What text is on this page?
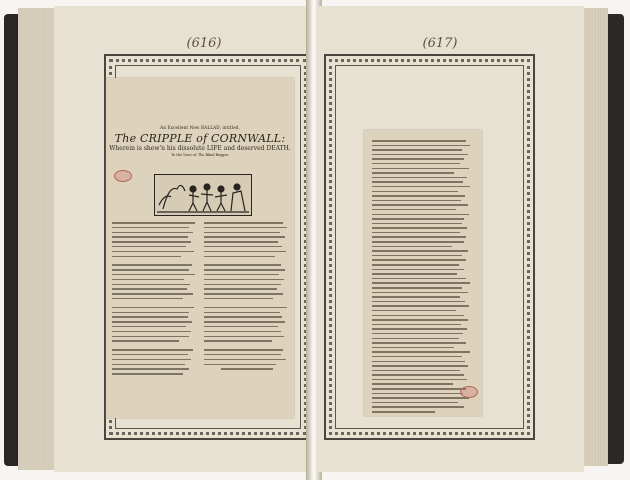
(616)
An Excellent New BALLAD, intitled,
The CRIPPLE of CORNWALL:
Wherein is shew'n his dissolute LIFE and deserved DEATH.
To the Tune of, The Blind Beggar.
(617)
